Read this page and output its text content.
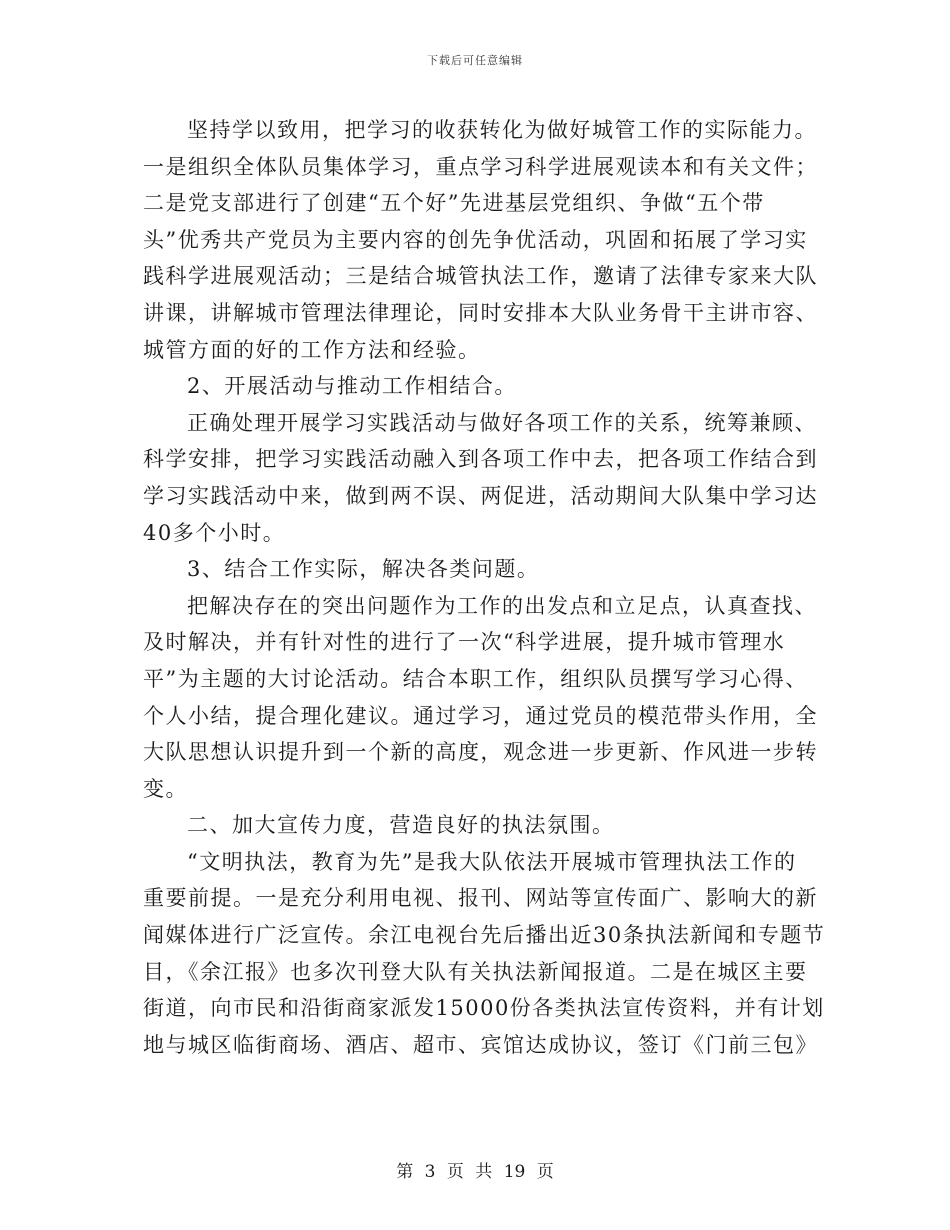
下载后可任意编辑
坚持学以致用，把学习的收获转化为做好城管工作的实际能力。
一是组织全体队员集体学习，重点学习科学进展观读本和有关文件；
二是党支部进行了创建“五个好”先进基层党组织、争做“五个带
头”优秀共产党员为主要内容的创先争优活动，巩固和拓展了学习实
践科学进展观活动；三是结合城管执法工作，邀请了法律专家来大队
讲课，讲解城市管理法律理论，同时安排本大队业务骨干主讲市容、
城管方面的好的工作方法和经验。
2、开展活动与推动工作相结合。
正确处理开展学习实践活动与做好各项工作的关系，统筹兼顾、
科学安排，把学习实践活动融入到各项工作中去，把各项工作结合到
学习实践活动中来，做到两不误、两促进，活动期间大队集中学习达
40多个小时。
3、结合工作实际，解决各类问题。
把解决存在的突出问题作为工作的出发点和立足点，认真查找、
及时解决，并有针对性的进行了一次“科学进展，提升城市管理水
平”为主题的大讨论活动。结合本职工作，组织队员撰写学习心得、
个人小结，提合理化建议。通过学习，通过党员的模范带头作用，全
大队思想认识提升到一个新的高度，观念进一步更新、作风进一步转
变。
二、加大宣传力度，营造良好的执法氛围。
“文明执法，教育为先”是我大队依法开展城市管理执法工作的
重要前提。一是充分利用电视、报刊、网站等宣传面广、影响大的新
闻媒体进行广泛宣传。余江电视台先后播出近30条执法新闻和专题节
目，《余江报》也多次刊登大队有关执法新闻报道。二是在城区主要
街道，向市民和沿街商家派发15000份各类执法宣传资料，并有计划
地与城区临街商场、酒店、超市、宾馆达成协议，签订《门前三包》
第 3 页 共 19 页
